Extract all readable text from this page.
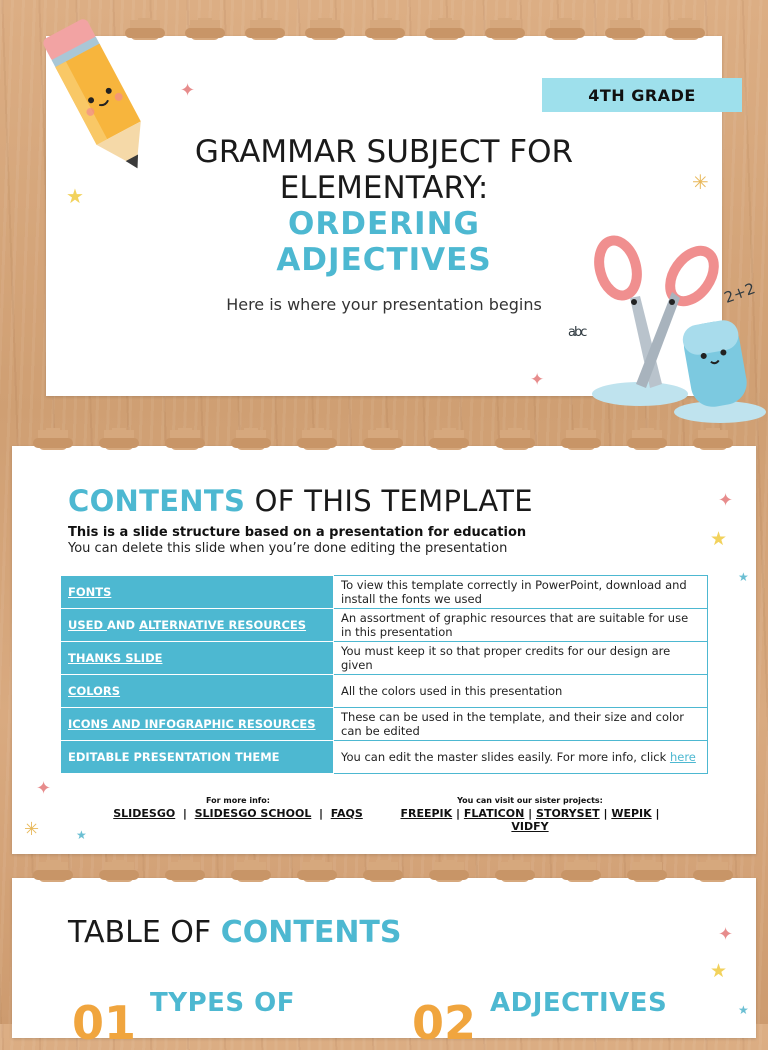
4TH GRADE
GRAMMAR SUBJECT FOR
ELEMENTARY:
ORDERING
ADJECTIVES
Here is where your presentation begins	2+2
abc
✦
★
✳
✦
CONTENTS OF THIS TEMPLATE
This is a slide structure based on a presentation for education
You can delete this slide when you’re done editing the presentation
FONTS	To view this template correctly in PowerPoint, download and install the fonts we used
USED AND ALTERNATIVE RESOURCES	An assortment of graphic resources that are suitable for use in this presentation
THANKS SLIDE	You must keep it so that proper credits for our design are given
COLORS	All the colors used in this presentation
ICONS AND INFOGRAPHIC RESOURCES	These can be used in the template, and their size and color can be edited
EDITABLE PRESENTATION THEME	You can edit the master slides easily. For more info, click here
For more info:
SLIDESGO | SLIDESGO SCHOOL | FAQS
You can visit our sister projects:
FREEPIK | FLATICON | STORYSET | WEPIK |
VIDFY
✦
★
★
✦
✳	★
TABLE OF CONTENTS
01 TYPES OF	02 ADJECTIVES
✦
★
★
